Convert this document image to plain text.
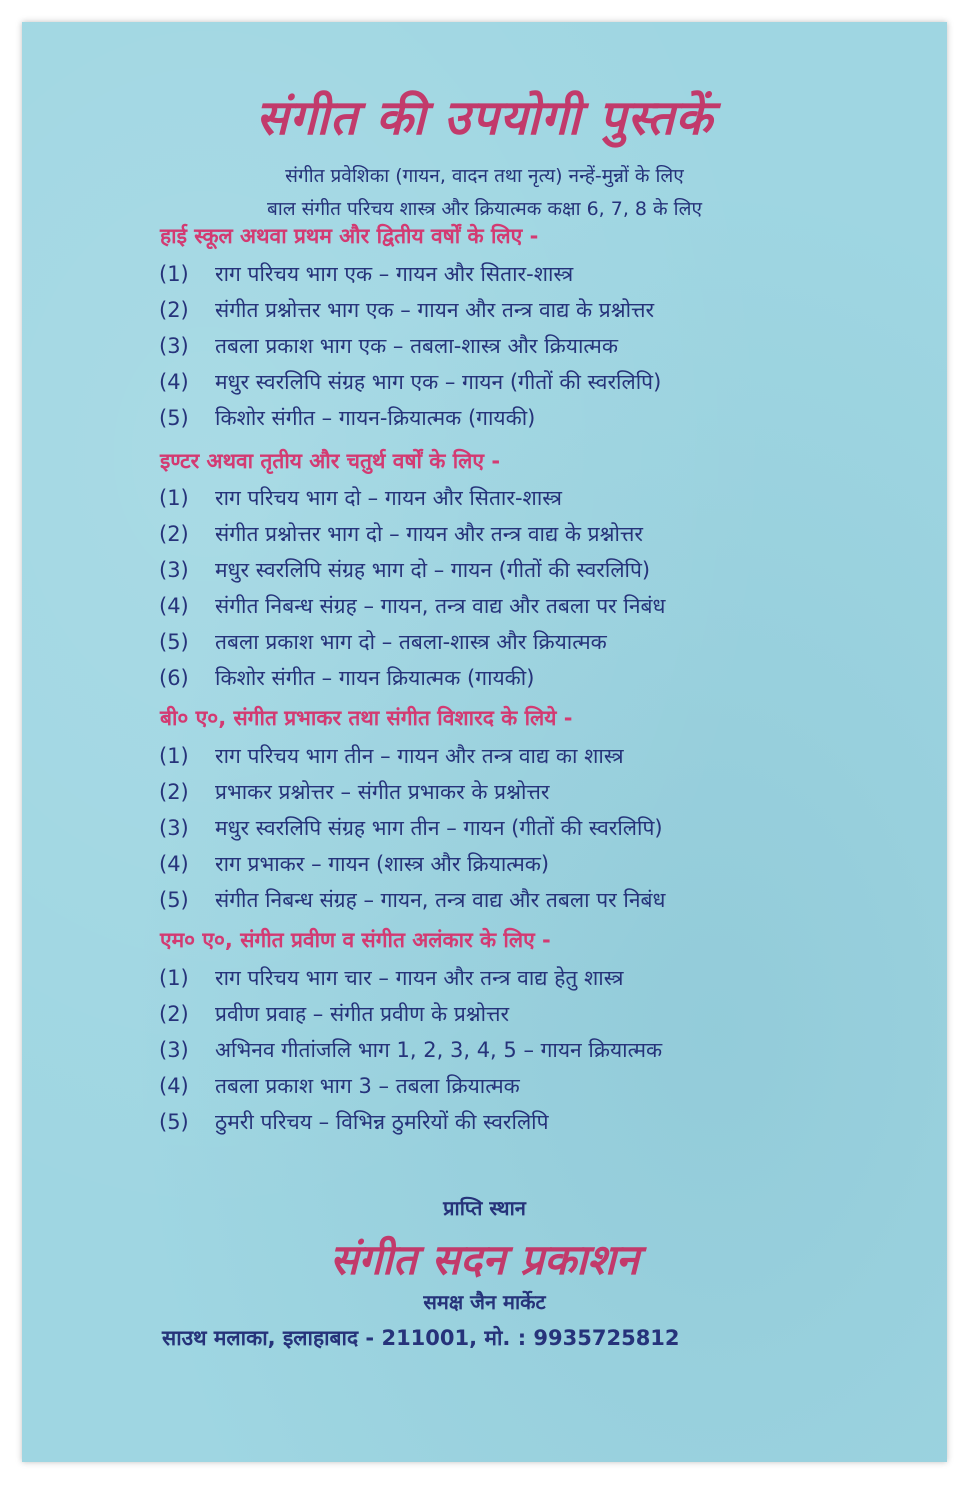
संगीत की उपयोगी पुस्तकें
संगीत प्रवेशिका (गायन, वादन तथा नृत्य) नन्हें-मुन्नों के लिए
बाल संगीत परिचय शास्त्र और क्रियात्मक कक्षा 6, 7, 8 के लिए
हाई स्कूल अथवा प्रथम और द्वितीय वर्षों के लिए -
(1) राग परिचय भाग एक – गायन और सितार-शास्त्र
(2) संगीत प्रश्नोत्तर भाग एक – गायन और तन्त्र वाद्य के प्रश्नोत्तर
(3) तबला प्रकाश भाग एक – तबला-शास्त्र और क्रियात्मक
(4) मधुर स्वरलिपि संग्रह भाग एक – गायन (गीतों की स्वरलिपि)
(5) किशोर संगीत – गायन-क्रियात्मक (गायकी)
इण्टर अथवा तृतीय और चतुर्थ वर्षों के लिए -
(1) राग परिचय भाग दो – गायन और सितार-शास्त्र
(2) संगीत प्रश्नोत्तर भाग दो – गायन और तन्त्र वाद्य के प्रश्नोत्तर
(3) मधुर स्वरलिपि संग्रह भाग दो – गायन (गीतों की स्वरलिपि)
(4) संगीत निबन्ध संग्रह – गायन, तन्त्र वाद्य और तबला पर निबंध
(5) तबला प्रकाश भाग दो – तबला-शास्त्र और क्रियात्मक
(6) किशोर संगीत – गायन क्रियात्मक (गायकी)
बी० ए०, संगीत प्रभाकर तथा संगीत विशारद के लिये -
(1) राग परिचय भाग तीन – गायन और तन्त्र वाद्य का शास्त्र
(2) प्रभाकर प्रश्नोत्तर – संगीत प्रभाकर के प्रश्नोत्तर
(3) मधुर स्वरलिपि संग्रह भाग तीन – गायन (गीतों की स्वरलिपि)
(4) राग प्रभाकर – गायन (शास्त्र और क्रियात्मक)
(5) संगीत निबन्ध संग्रह – गायन, तन्त्र वाद्य और तबला पर निबंध
एम० ए०, संगीत प्रवीण व संगीत अलंकार के लिए -
(1) राग परिचय भाग चार – गायन और तन्त्र वाद्य हेतु शास्त्र
(2) प्रवीण प्रवाह – संगीत प्रवीण के प्रश्नोत्तर
(3) अभिनव गीतांजलि भाग 1, 2, 3, 4, 5 – गायन क्रियात्मक
(4) तबला प्रकाश भाग 3 – तबला क्रियात्मक
(5) ठुमरी परिचय – विभिन्न ठुमरियों की स्वरलिपि
प्राप्ति स्थान
संगीत सदन प्रकाशन
समक्ष जैन मार्केट
साउथ मलाका, इलाहाबाद - 211001, मो. : 9935725812
